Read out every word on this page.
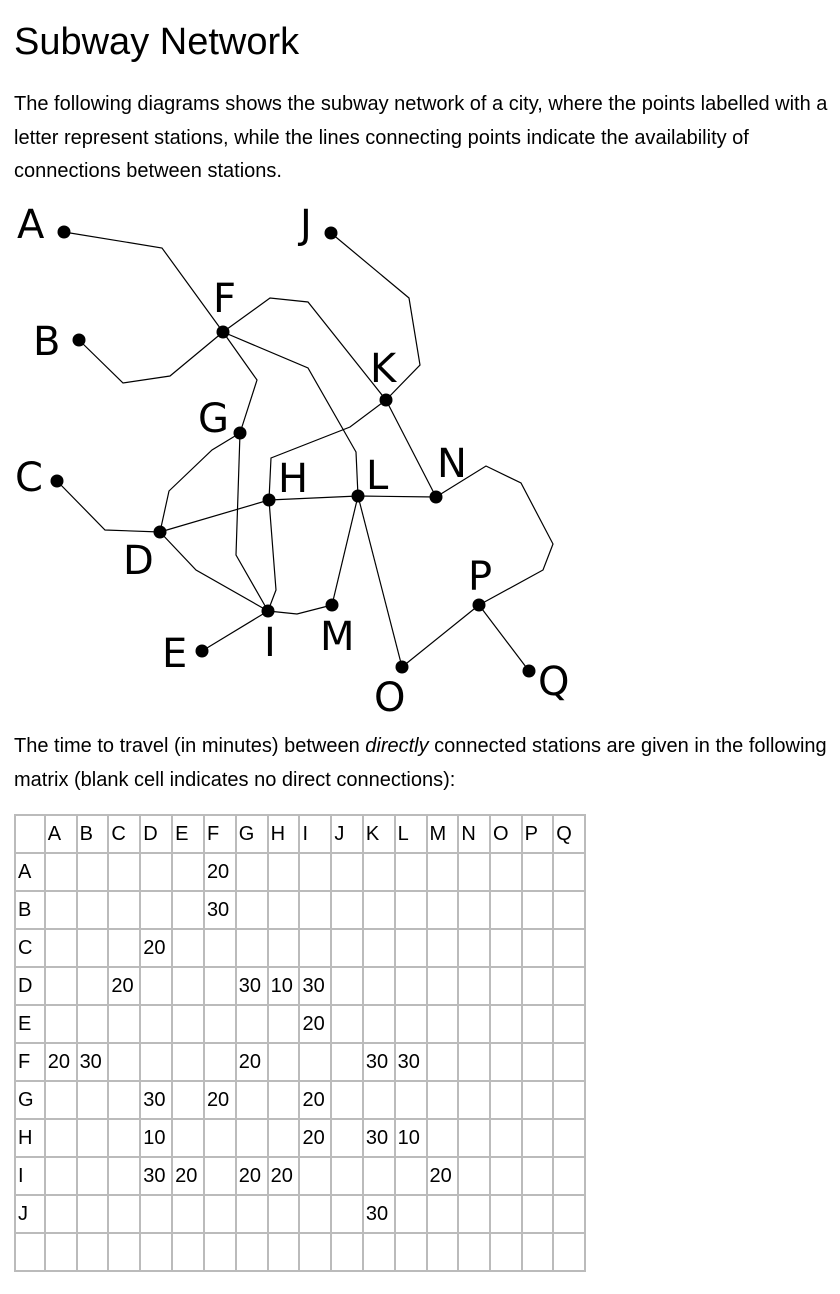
Subway Network

The following diagrams shows the subway network of a city, where the points labelled with a letter represent stations, while the lines connecting points indicate the availability of connections between stations.

A
B
C
D
E
F
G
H
I
J
K
L
M
N
O
P
Q

The time to travel (in minutes) between directly connected stations are given in the following matrix (blank cell indicates no direct connections):

	A	B	C	D	E	F	G	H	I	J	K	L	M	N	O	P	Q
A						20											
B						30											
C				20													
D			20				30	10	30								
E									20								
F	20	30					20				30	30					
G				30		20			20								
H				10					20		30	10					
I				30	20		20	20					20				
J											30						
